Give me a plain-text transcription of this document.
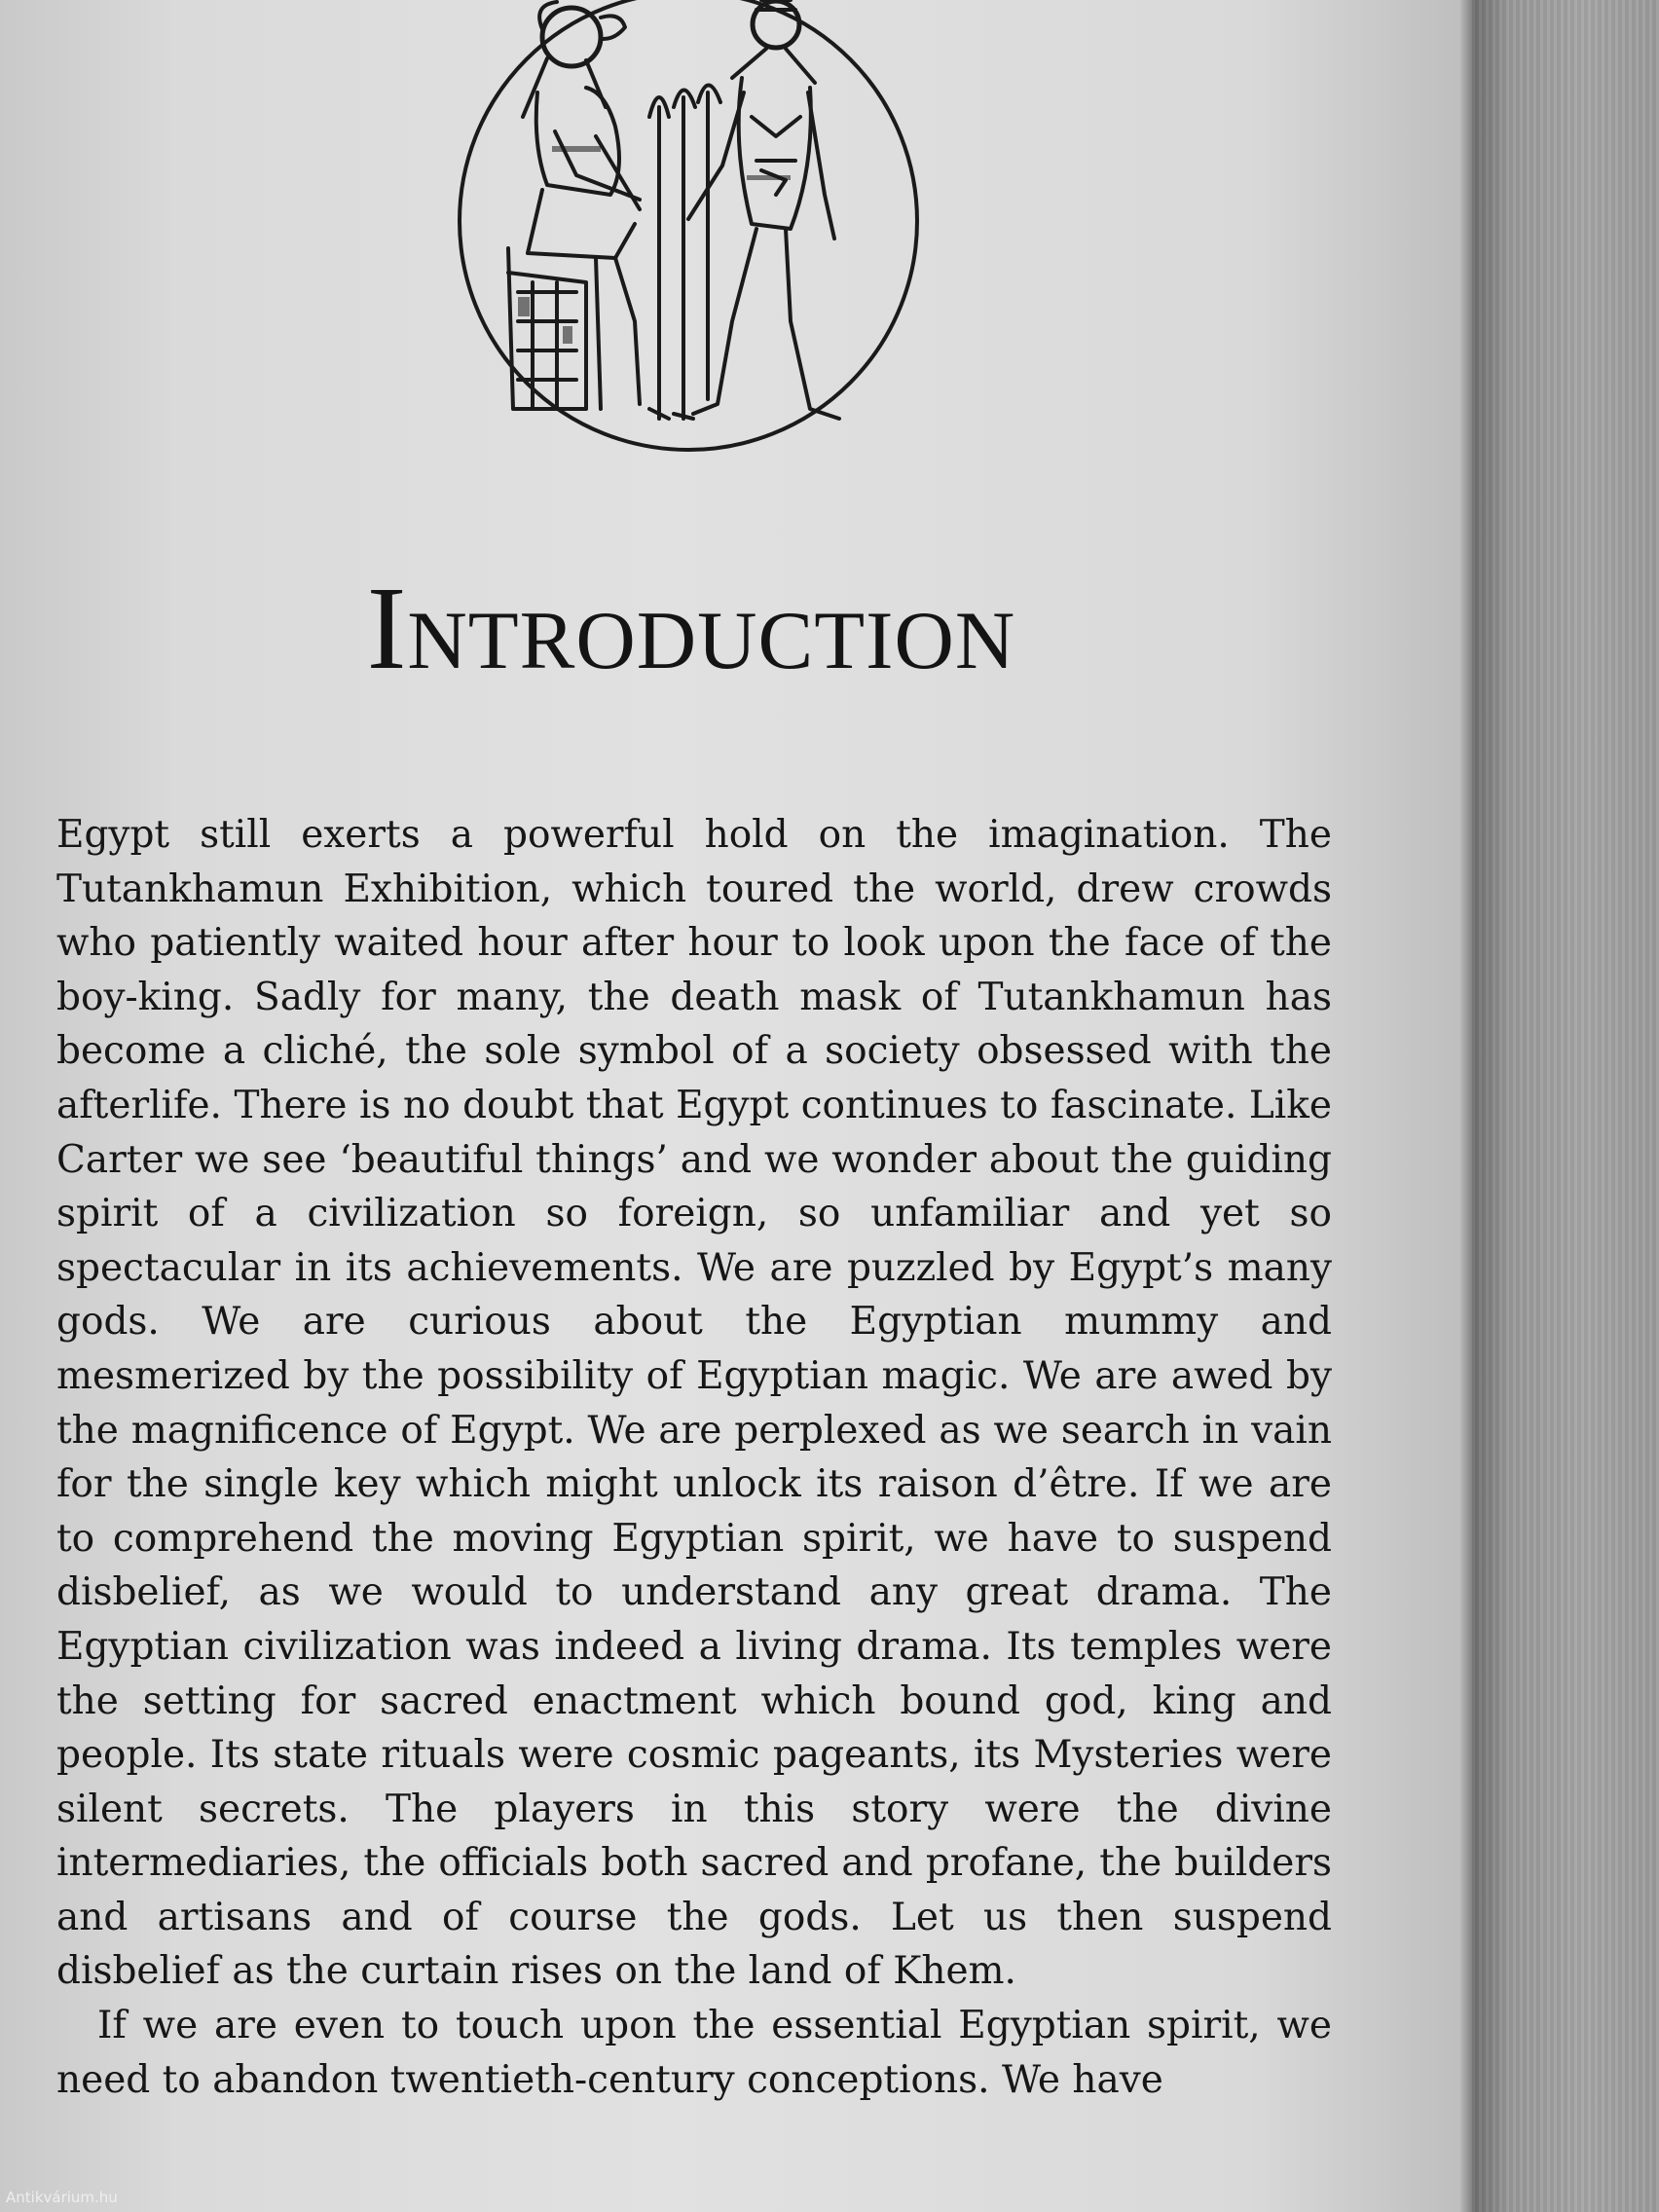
Introduction

Egypt still exerts a powerful hold on the imagination. The Tutankhamun Exhibition, which toured the world, drew crowds who patiently waited hour after hour to look upon the face of the boy-king. Sadly for many, the death mask of Tutankhamun has become a cliché, the sole symbol of a society obsessed with the afterlife. There is no doubt that Egypt continues to fascinate. Like Carter we see ‘beautiful things’ and we wonder about the guiding spirit of a civilization so foreign, so unfamiliar and yet so spectacular in its achievements. We are puzzled by Egypt’s many gods. We are curious about the Egyptian mummy and mesmerized by the possibility of Egyptian magic. We are awed by the magnificence of Egypt. We are perplexed as we search in vain for the single key which might unlock its raison d’être. If we are to comprehend the moving Egyptian spirit, we have to suspend disbelief, as we would to understand any great drama. The Egyptian civilization was indeed a living drama. Its temples were the setting for sacred enactment which bound god, king and people. Its state rituals were cosmic pageants, its Mysteries were silent secrets. The players in this story were the divine intermediaries, the officials both sacred and profane, the builders and artisans and of course the gods. Let us then suspend disbelief as the curtain rises on the land of Khem.

If we are even to touch upon the essential Egyptian spirit, we need to abandon twentieth-century conceptions. We have

Antikvárium.hu
